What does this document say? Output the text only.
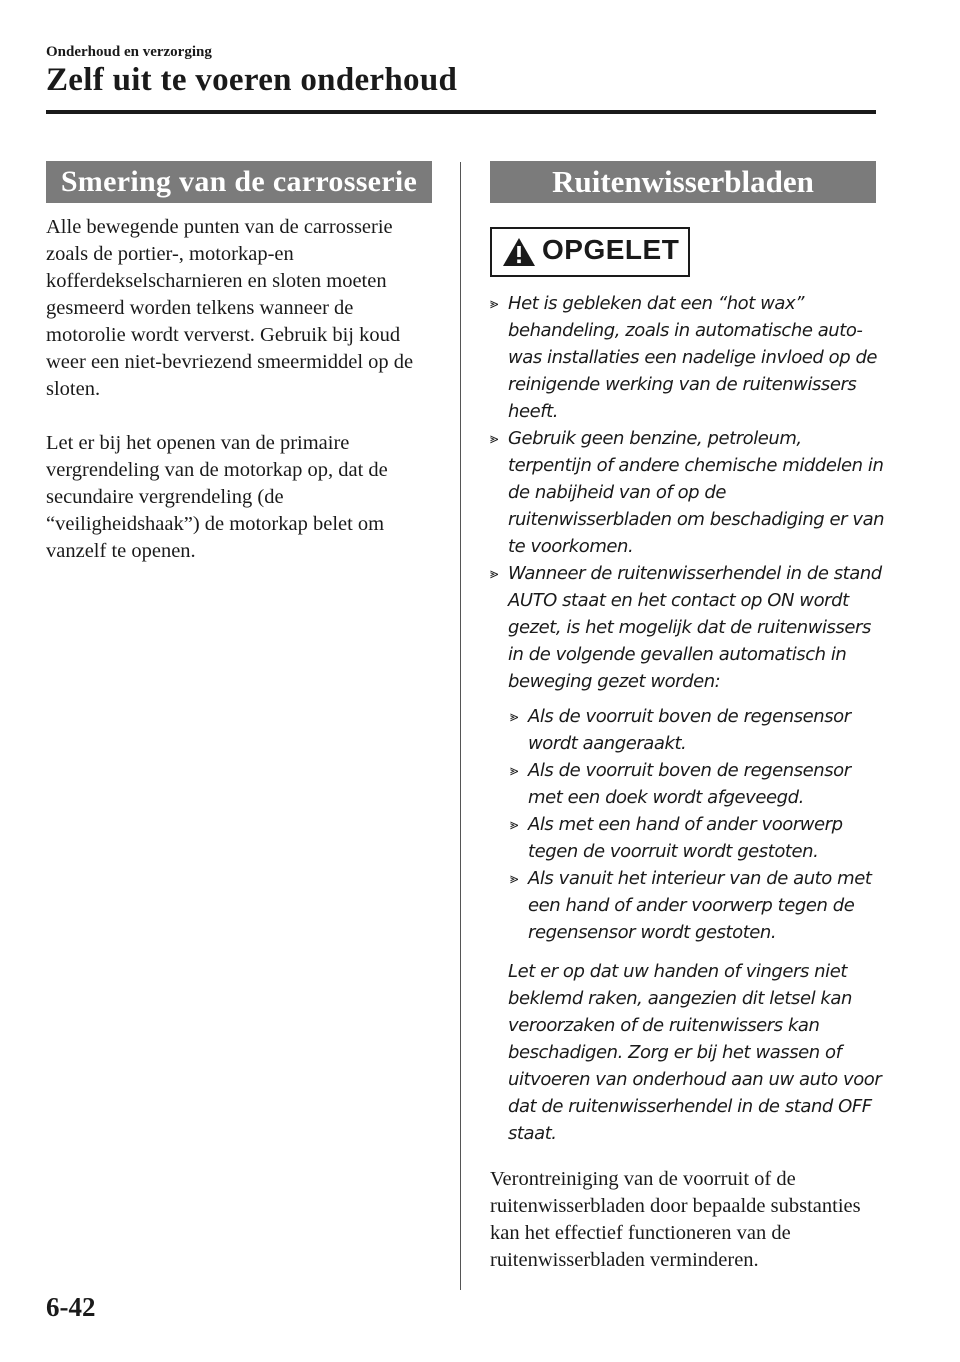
Onderhoud en verzorging
Zelf uit te voeren onderhoud
Smering van de carrosserie

Alle bewegende punten van de carrosserie zoals de portier-, motorkap-en kofferdekselscharnieren en sloten moeten gesmeerd worden telkens wanneer de motorolie wordt ververst. Gebruik bij koud weer een niet-bevriezend smeermiddel op de sloten.

Let er bij het openen van de primaire vergrendeling van de motorkap op, dat de secundaire vergrendeling (de “veiligheidshaak”) de motorkap belet om vanzelf te openen.

Ruitenwisserbladen
OPGELET
⪢ Het is gebleken dat een “hot wax” behandeling, zoals in automatische auto-was installaties een nadelige invloed op de reinigende werking van de ruitenwissers heeft.
⪢ Gebruik geen benzine, petroleum, terpentijn of andere chemische middelen in de nabijheid van of op de ruitenwisserbladen om beschadiging er van te voorkomen.
⪢ Wanneer de ruitenwisserhendel in de stand AUTO staat en het contact op ON wordt gezet, is het mogelijk dat de ruitenwissers in de volgende gevallen automatisch in beweging gezet worden:
⪢ Als de voorruit boven de regensensor wordt aangeraakt.
⪢ Als de voorruit boven de regensensor met een doek wordt afgeveegd.
⪢ Als met een hand of ander voorwerp tegen de voorruit wordt gestoten.
⪢ Als vanuit het interieur van de auto met een hand of ander voorwerp tegen de regensensor wordt gestoten.
Let er op dat uw handen of vingers niet beklemd raken, aangezien dit letsel kan veroorzaken of de ruitenwissers kan beschadigen. Zorg er bij het wassen of uitvoeren van onderhoud aan uw auto voor dat de ruitenwisserhendel in de stand OFF staat.

Verontreiniging van de voorruit of de ruitenwisserbladen door bepaalde substanties kan het effectief functioneren van de ruitenwisserbladen verminderen.

6-42
